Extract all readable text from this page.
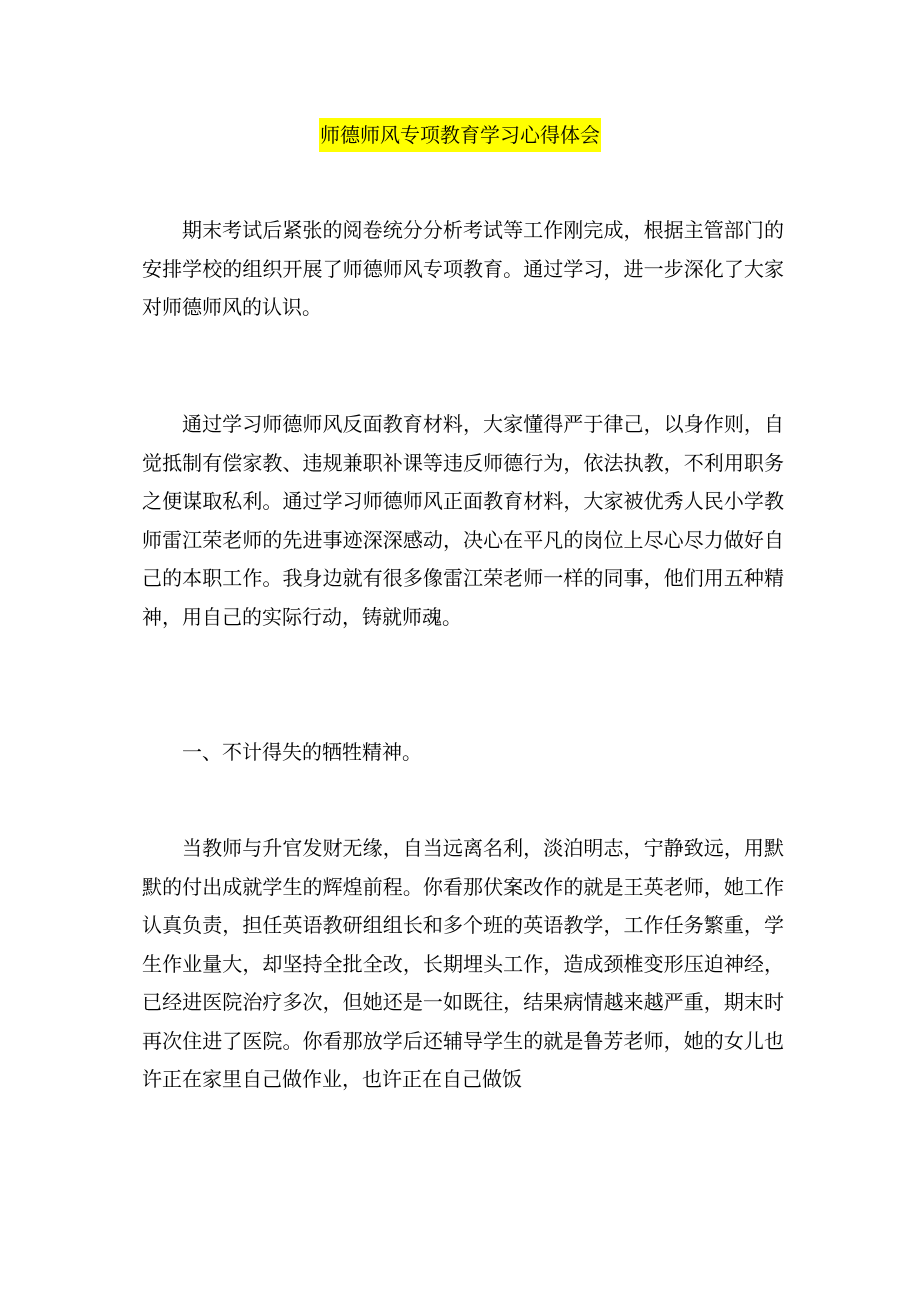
师德师风专项教育学习心得体会

期末考试后紧张的阅卷统分分析考试等工作刚完成，根据主管部门的安排学校的组织开展了师德师风专项教育。通过学习，进一步深化了大家对师德师风的认识。

通过学习师德师风反面教育材料，大家懂得严于律己，以身作则，自觉抵制有偿家教、违规兼职补课等违反师德行为，依法执教，不利用职务之便谋取私利。通过学习师德师风正面教育材料，大家被优秀人民小学教师雷江荣老师的先进事迹深深感动，决心在平凡的岗位上尽心尽力做好自己的本职工作。我身边就有很多像雷江荣老师一样的同事，他们用五种精神，用自己的实际行动，铸就师魂。

一、不计得失的牺牲精神。

当教师与升官发财无缘，自当远离名利，淡泊明志，宁静致远，用默默的付出成就学生的辉煌前程。你看那伏案改作的就是王英老师，她工作认真负责，担任英语教研组组长和多个班的英语教学，工作任务繁重，学生作业量大，却坚持全批全改，长期埋头工作，造成颈椎变形压迫神经，已经进医院治疗多次，但她还是一如既往，结果病情越来越严重，期末时再次住进了医院。你看那放学后还辅导学生的就是鲁芳老师，她的女儿也许正在家里自己做作业，也许正在自己做饭
